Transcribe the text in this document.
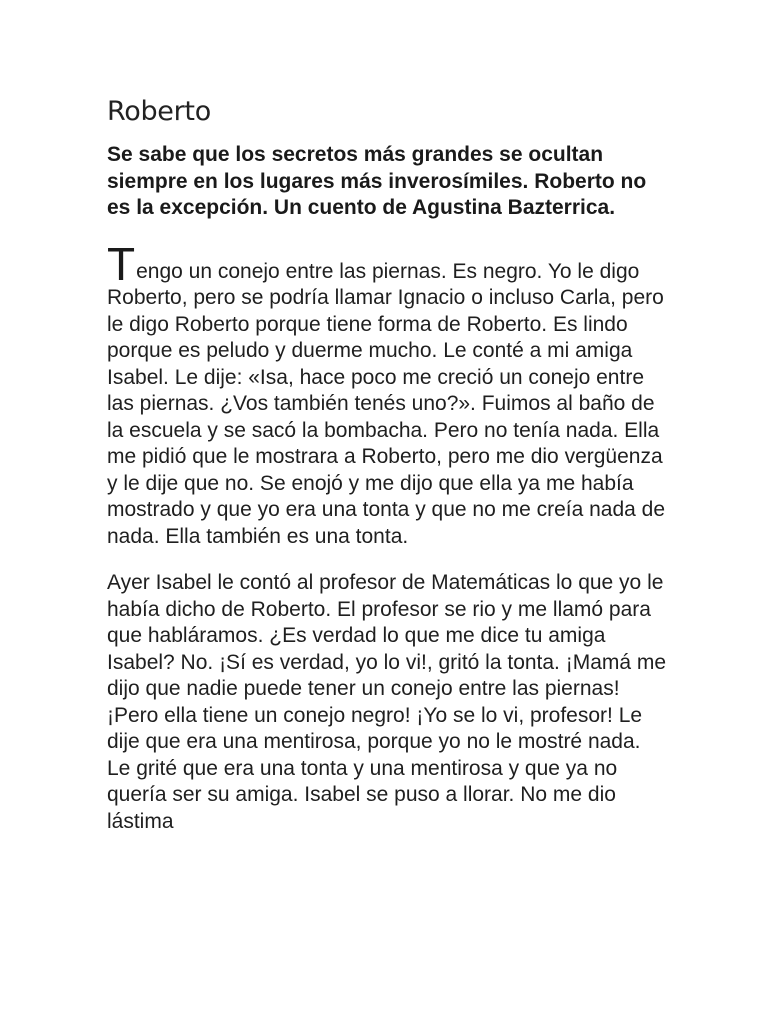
Roberto

Se sabe que los secretos más grandes se ocultan siempre en los lugares más inverosímiles. Roberto no es la excepción. Un cuento de Agustina Bazterrica.

Tengo un conejo entre las piernas. Es negro. Yo le digo Roberto, pero se podría llamar Ignacio o incluso Carla, pero le digo Roberto porque tiene forma de Roberto. Es lindo porque es peludo y duerme mucho. Le conté a mi amiga Isabel. Le dije: «Isa, hace poco me creció un conejo entre las piernas. ¿Vos también tenés uno?». Fuimos al baño de la escuela y se sacó la bombacha. Pero no tenía nada. Ella me pidió que le mostrara a Roberto, pero me dio vergüenza y le dije que no. Se enojó y me dijo que ella ya me había mostrado y que yo era una tonta y que no me creía nada de nada. Ella también es una tonta.

Ayer Isabel le contó al profesor de Matemáticas lo que yo le había dicho de Roberto. El profesor se rio y me llamó para que habláramos. ¿Es verdad lo que me dice tu amiga Isabel? No. ¡Sí es verdad, yo lo vi!, gritó la tonta. ¡Mamá me dijo que nadie puede tener un conejo entre las piernas! ¡Pero ella tiene un conejo negro! ¡Yo se lo vi, profesor! Le dije que era una mentirosa, porque yo no le mostré nada. Le grité que era una tonta y una mentirosa y que ya no quería ser su amiga. Isabel se puso a llorar. No me dio lástima
